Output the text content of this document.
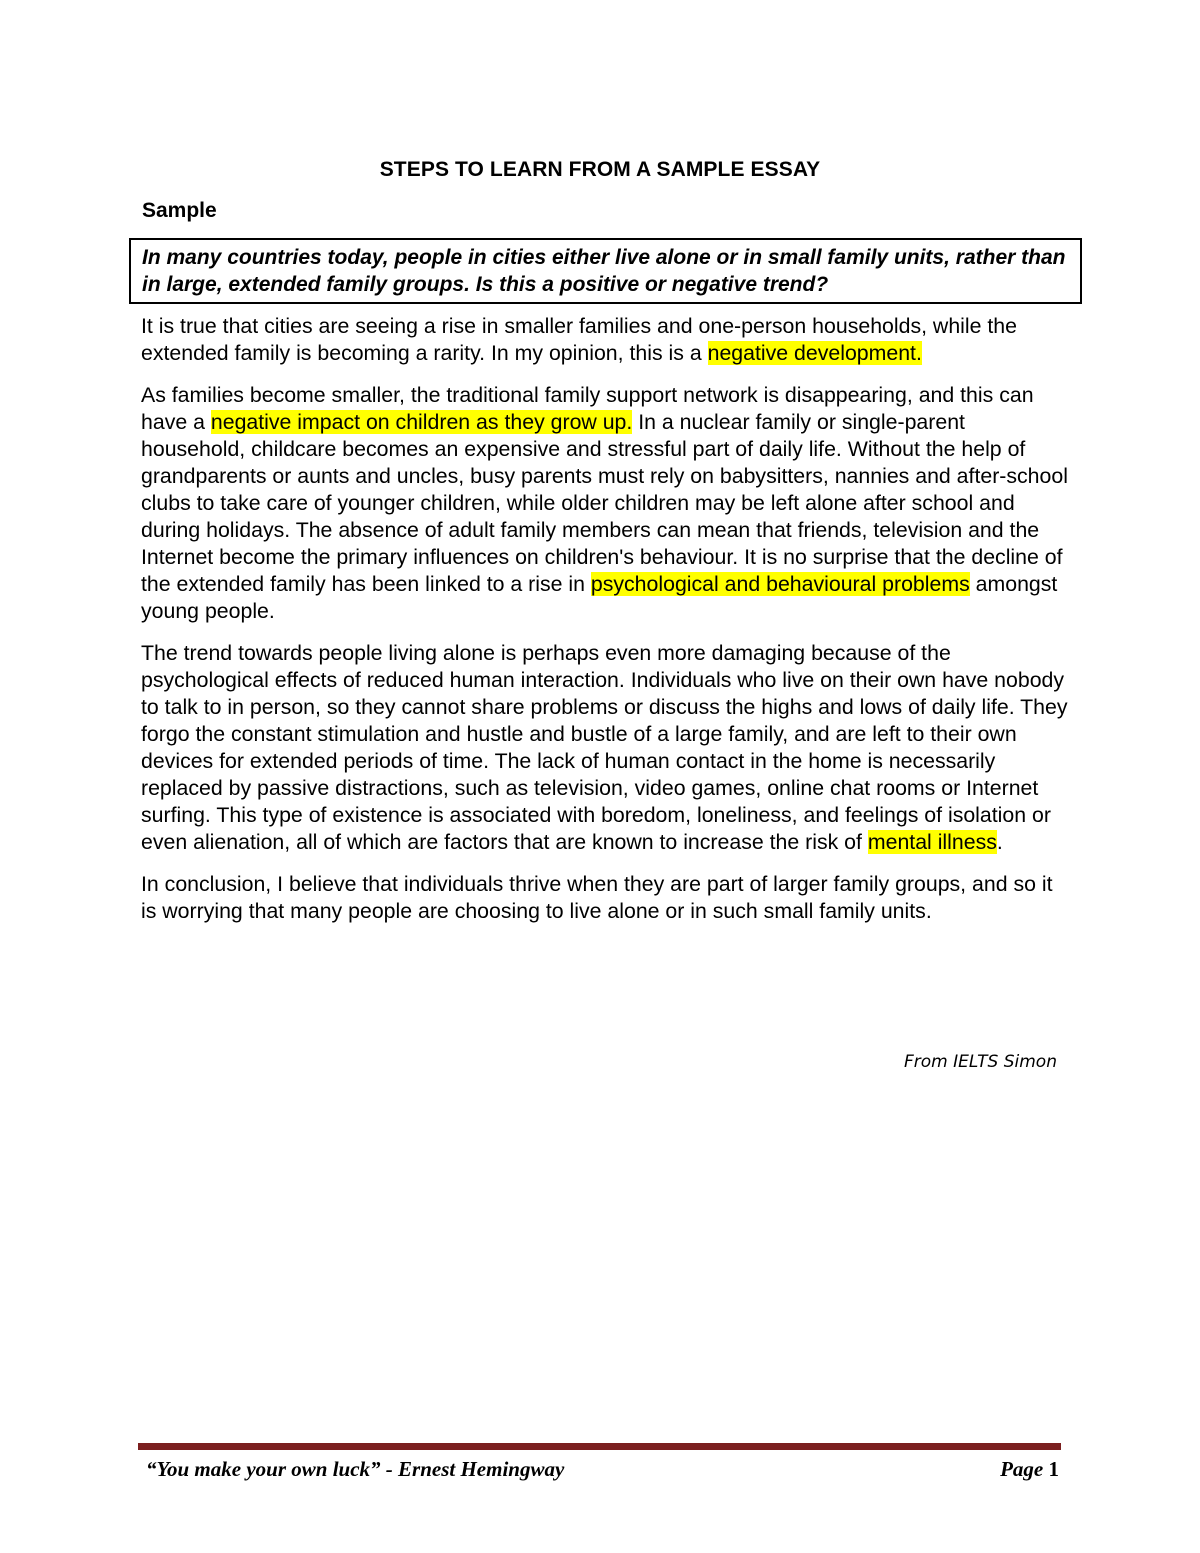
STEPS TO LEARN FROM A SAMPLE ESSAY
Sample
In many countries today, people in cities either live alone or in small family units, rather than in large, extended family groups. Is this a positive or negative trend?

It is true that cities are seeing a rise in smaller families and one-person households, while the extended family is becoming a rarity. In my opinion, this is a negative development.

As families become smaller, the traditional family support network is disappearing, and this can have a negative impact on children as they grow up. In a nuclear family or single-parent household, childcare becomes an expensive and stressful part of daily life. Without the help of grandparents or aunts and uncles, busy parents must rely on babysitters, nannies and after-school clubs to take care of younger children, while older children may be left alone after school and during holidays. The absence of adult family members can mean that friends, television and the Internet become the primary influences on children's behaviour. It is no surprise that the decline of the extended family has been linked to a rise in psychological and behavioural problems amongst young people.

The trend towards people living alone is perhaps even more damaging because of the psychological effects of reduced human interaction. Individuals who live on their own have nobody to talk to in person, so they cannot share problems or discuss the highs and lows of daily life. They forgo the constant stimulation and hustle and bustle of a large family, and are left to their own devices for extended periods of time. The lack of human contact in the home is necessarily replaced by passive distractions, such as television, video games, online chat rooms or Internet surfing. This type of existence is associated with boredom, loneliness, and feelings of isolation or even alienation, all of which are factors that are known to increase the risk of mental illness.

In conclusion, I believe that individuals thrive when they are part of larger family groups, and so it is worrying that many people are choosing to live alone or in such small family units.

From IELTS Simon
“You make your own luck” - Ernest Hemingway	Page 1
